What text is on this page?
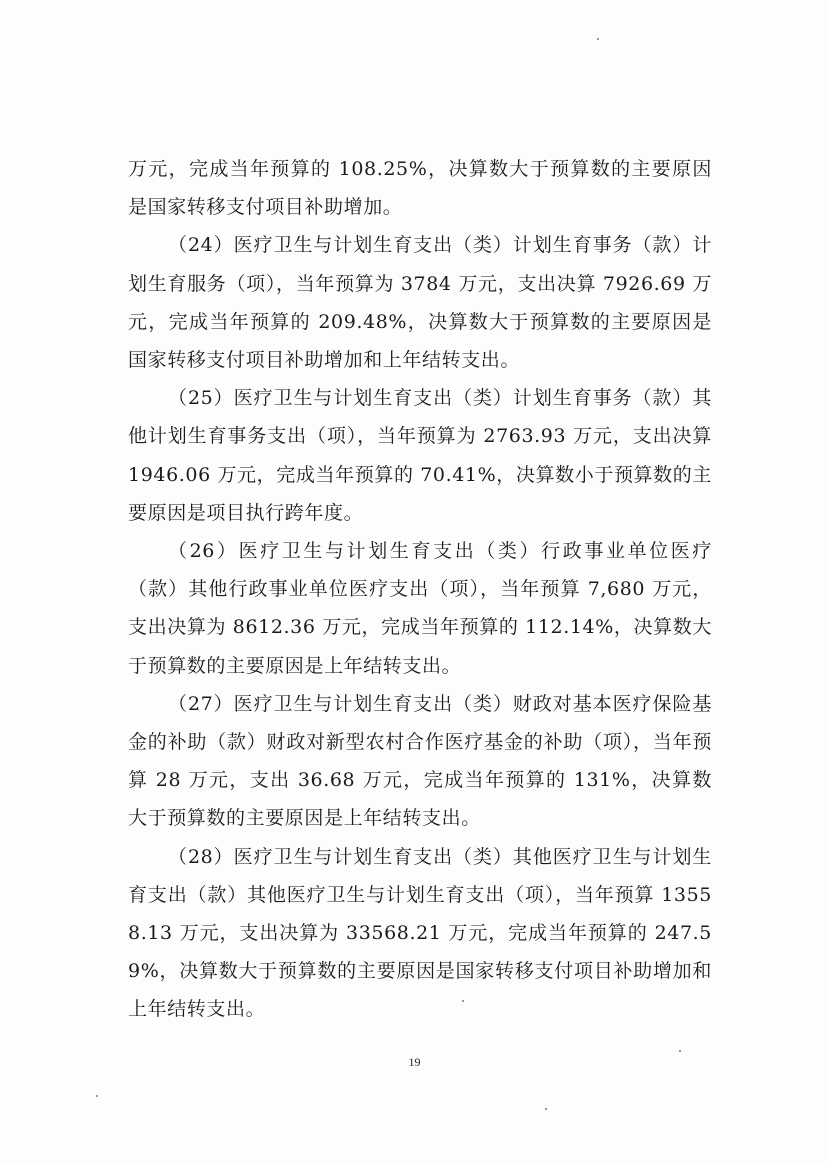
万元，完成当年预算的 108.25%，决算数大于预算数的主要原因是国家转移支付项目补助增加。

（24）医疗卫生与计划生育支出（类）计划生育事务（款）计划生育服务（项），当年预算为 3784 万元，支出决算 7926.69 万元，完成当年预算的 209.48%，决算数大于预算数的主要原因是国家转移支付项目补助增加和上年结转支出。

（25）医疗卫生与计划生育支出（类）计划生育事务（款）其他计划生育事务支出（项），当年预算为 2763.93 万元，支出决算 1946.06 万元，完成当年预算的 70.41%，决算数小于预算数的主要原因是项目执行跨年度。

（26）医疗卫生与计划生育支出（类）行政事业单位医疗（款）其他行政事业单位医疗支出（项），当年预算 7,680 万元，支出决算为 8612.36 万元，完成当年预算的 112.14%，决算数大于预算数的主要原因是上年结转支出。

（27）医疗卫生与计划生育支出（类）财政对基本医疗保险基金的补助（款）财政对新型农村合作医疗基金的补助（项），当年预算 28 万元，支出 36.68 万元，完成当年预算的 131%，决算数大于预算数的主要原因是上年结转支出。

（28）医疗卫生与计划生育支出（类）其他医疗卫生与计划生育支出（款）其他医疗卫生与计划生育支出（项），当年预算 13558.13 万元，支出决算为 33568.21 万元，完成当年预算的 247.59%，决算数大于预算数的主要原因是国家转移支付项目补助增加和上年结转支出。

19
